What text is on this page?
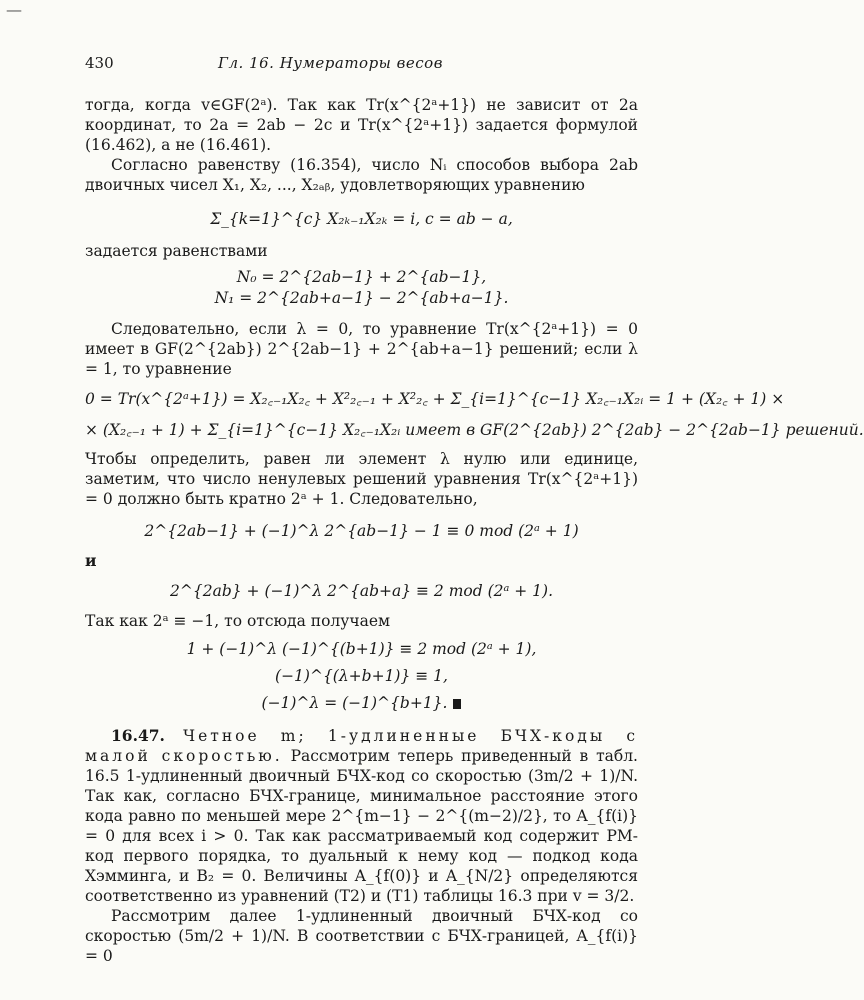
—
430	Гл. 16. Нумераторы весов

тогда, когда v∈GF(2ᵃ). Так как Tr(x^{2ᵃ+1}) не зависит от 2a координат, то 2a = 2ab − 2c и Tr(x^{2ᵃ+1}) задается формулой (16.462), а не (16.461).

Согласно равенству (16.354), число Nᵢ способов выбора 2ab двоичных чисел X₁, X₂, ..., X₂ₐᵦ, удовлетворяющих уравнению

Σ_{k=1}^{c} X₂ₖ₋₁X₂ₖ = i, c = ab − a,

задается равенствами

N₀ = 2^{2ab−1} + 2^{ab−1},
N₁ = 2^{2ab+a−1} − 2^{ab+a−1}.

Следовательно, если λ = 0, то уравнение Tr(x^{2ᵃ+1}) = 0 имеет в GF(2^{2ab}) 2^{2ab−1} + 2^{ab+a−1} решений; если λ = 1, то уравнение

0 = Tr(x^{2ᵃ+1}) = X₂꜀₋₁X₂꜀ + X²₂꜀₋₁ + X²₂꜀ + Σ_{i=1}^{c−1} X₂꜀₋₁X₂ᵢ = 1 + (X₂꜀ + 1) ×
× (X₂꜀₋₁ + 1) + Σ_{i=1}^{c−1} X₂꜀₋₁X₂ᵢ имеет в GF(2^{2ab}) 2^{2ab} − 2^{2ab−1} решений.

Чтобы определить, равен ли элемент λ нулю или единице, заметим, что число ненулевых решений уравнения Tr(x^{2ᵃ+1}) = 0 должно быть кратно 2ᵃ + 1. Следовательно,

2^{2ab−1} + (−1)^λ 2^{ab−1} − 1 ≡ 0 mod (2ᵃ + 1)

и

2^{2ab} + (−1)^λ 2^{ab+a} ≡ 2 mod (2ᵃ + 1).

Так как 2ᵃ ≡ −1, то отсюда получаем

1 + (−1)^λ (−1)^{(b+1)} ≡ 2 mod (2ᵃ + 1),
(−1)^{(λ+b+1)} ≡ 1,
(−1)^λ = (−1)^{b+1}.

16.47. Четное m; 1-удлиненные БЧХ-коды с малой скоростью. Рассмотрим теперь приведенный в табл. 16.5 1-удлиненный двоичный БЧХ-код со скоростью (3m/2 + 1)/N. Так как, согласно БЧХ-границе, минимальное расстояние этого кода равно по меньшей мере 2^{m−1} − 2^{(m−2)/2}, то A_{f(i)} = 0 для всех i > 0. Так как рассматриваемый код содержит РМ-код первого порядка, то дуальный к нему код — подкод кода Хэмминга, и B₂ = 0. Величины A_{f(0)} и A_{N/2} определяются соответственно из уравнений (T2) и (T1) таблицы 16.3 при v = 3/2.

Рассмотрим далее 1-удлиненный двоичный БЧХ-код со скоростью (5m/2 + 1)/N. В соответствии с БЧХ-границей, A_{f(i)} = 0
